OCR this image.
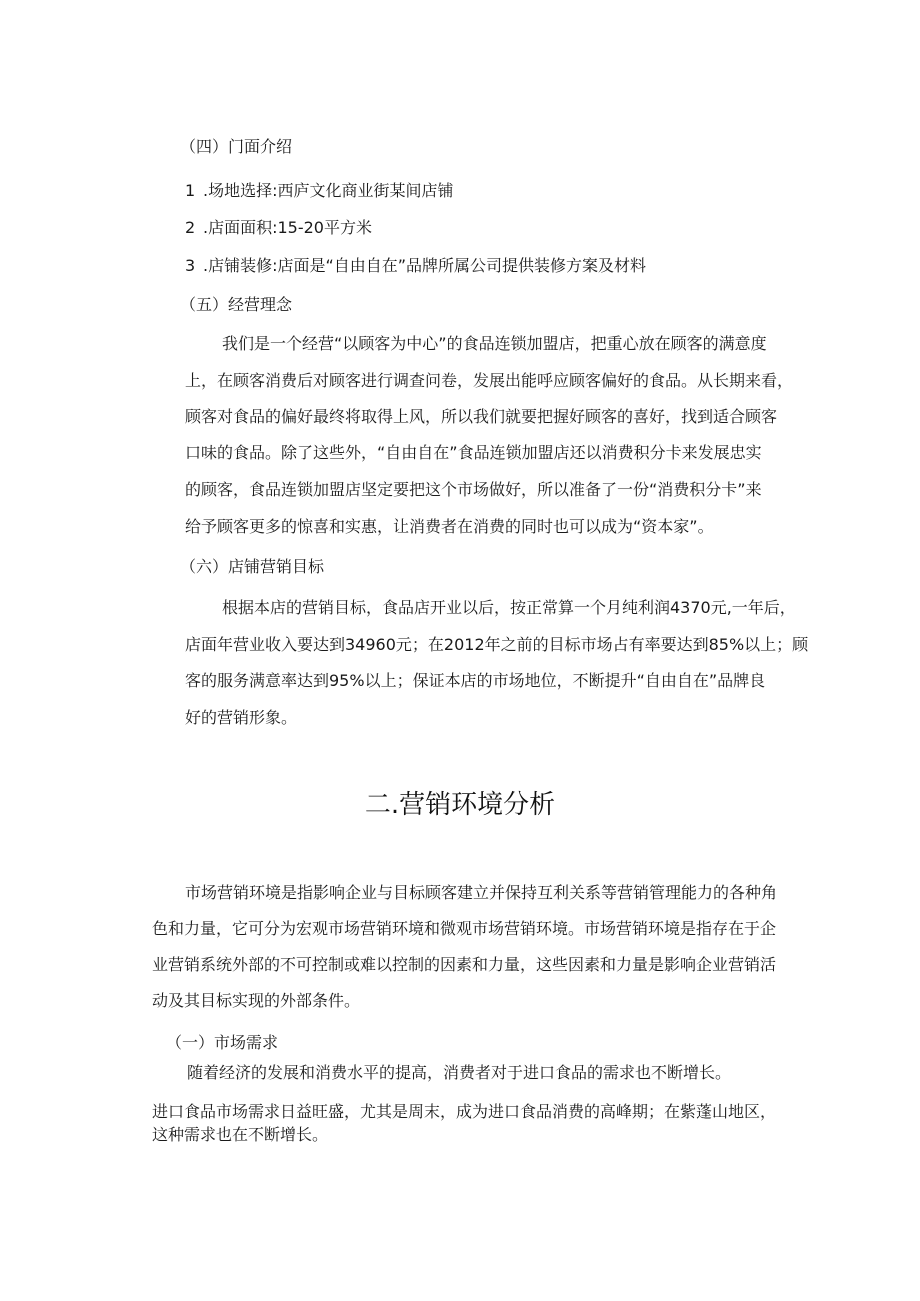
（四）门面介绍
1 .场地选择:西庐文化商业街某间店铺
2 .店面面积:15-20平方米
3 .店铺装修:店面是“自由自在”品牌所属公司提供装修方案及材料
（五）经营理念
我们是一个经营“以顾客为中心”的食品连锁加盟店，把重心放在顾客的满意度
上，在顾客消费后对顾客进行调查问卷，发展出能呼应顾客偏好的食品。从长期来看，
顾客对食品的偏好最终将取得上风，所以我们就要把握好顾客的喜好，找到适合顾客
口味的食品。除了这些外，“自由自在”食品连锁加盟店还以消费积分卡来发展忠实
的顾客，食品连锁加盟店坚定要把这个市场做好，所以准备了一份“消费积分卡”来
给予顾客更多的惊喜和实惠，让消费者在消费的同时也可以成为“资本家”。
（六）店铺营销目标
根据本店的营销目标，食品店开业以后，按正常算一个月纯利润4370元,一年后，
店面年营业收入要达到34960元；在2012年之前的目标市场占有率要达到85%以上；顾
客的服务满意率达到95%以上；保证本店的市场地位，不断提升“自由自在”品牌良
好的营销形象。
二.营销环境分析
市场营销环境是指影响企业与目标顾客建立并保持互利关系等营销管理能力的各种角
色和力量，它可分为宏观市场营销环境和微观市场营销环境。市场营销环境是指存在于企
业营销系统外部的不可控制或难以控制的因素和力量，这些因素和力量是影响企业营销活
动及其目标实现的外部条件。
（一）市场需求
随着经济的发展和消费水平的提高，消费者对于进口食品的需求也不断增长。
进口食品市场需求日益旺盛，尤其是周末，成为进口食品消费的高峰期；在紫蓬山地区，
这种需求也在不断增长。
